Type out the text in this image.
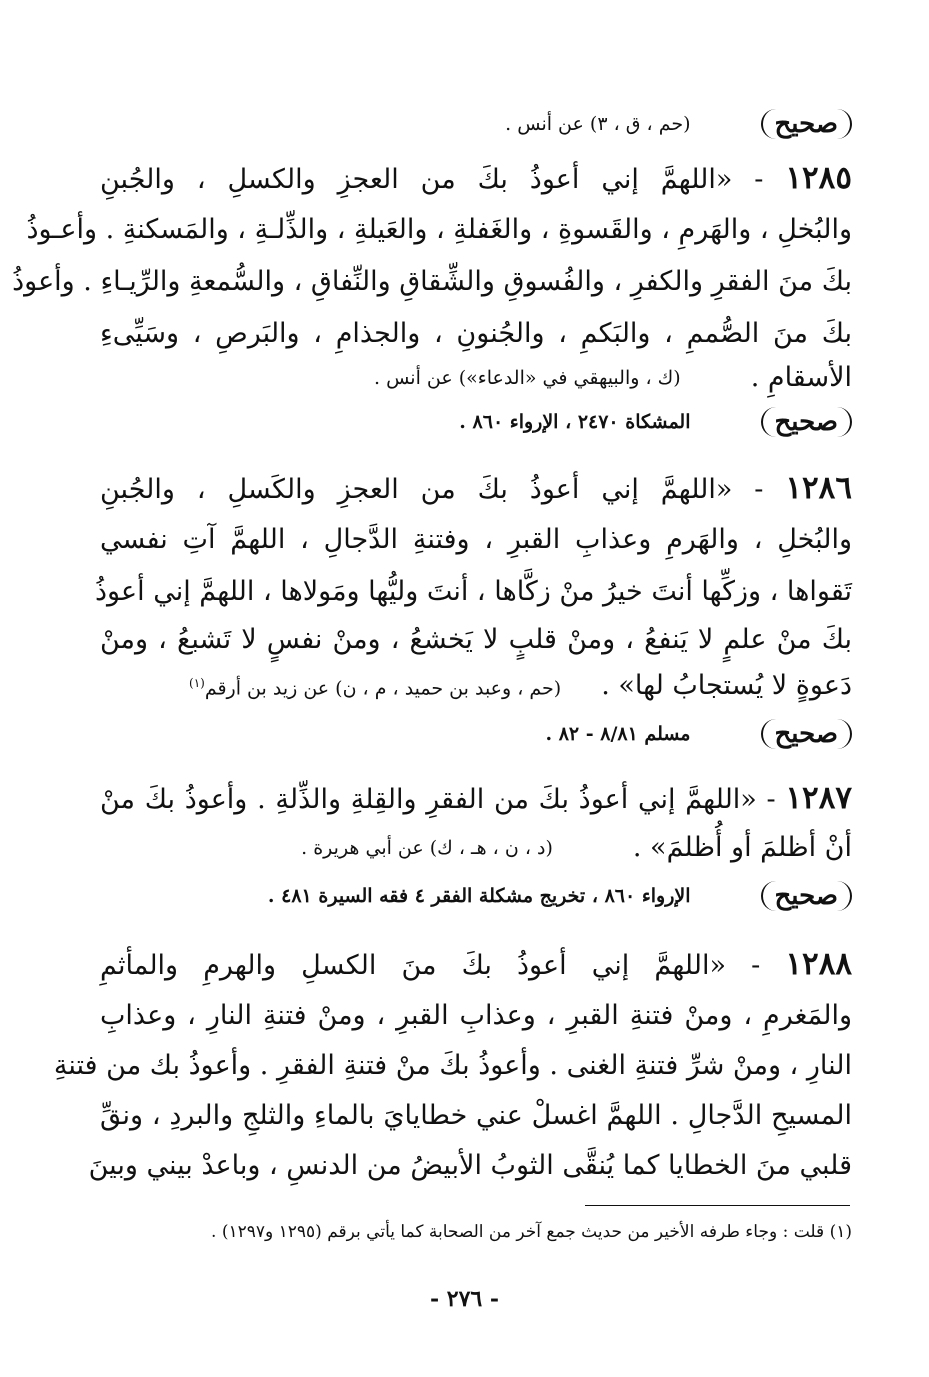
صحيح
(حم ، ق ، ٣) عن أنس .
١٢٨٥ - «اللهمَّ إني أعوذُ بكَ من العجزِ والكسلِ ، والجُبنِ
والبُخلِ ، والهَرمِ ، والقَسوةِ ، والغَفلةِ ، والعَيلةِ ، والذِّلـةِ ، والمَسكنةِ . وأعـوذُ
بكَ منَ الفقرِ والكفرِ ، والفُسوقِ والشِّقاقِ والنِّفاقِ ، والسُّمعةِ والرِّيـاءِ . وأعوذُ
بكَ منَ الصُّممِ ، والبَكمِ ، والجُنونِ ، والجذامِ ، والبَرصِ ، وسَيِّىءِ
الأسقامِ .
(ك ، والبيهقي في «الدعاء») عن أنس .
صحيح
المشكاة ٢٤٧٠ ، الإرواء ٨٦٠ .
١٢٨٦ - «اللهمَّ إني أعوذُ بكَ من العجزِ والكَسلِ ، والجُبنِ
والبُخلِ ، والهَرمِ وعذابِ القبرِ ، وفتنةِ الدَّجالِ ، اللهمَّ آتِ نفسي
تَقواها ، وزكِّها أنتَ خيرُ منْ زكَّاها ، أنتَ وليُّها ومَولاها ، اللهمَّ إني أعوذُ
بكَ منْ علمٍ لا يَنفعُ ، ومنْ قلبٍ لا يَخشعُ ، ومنْ نفسٍ لا تَشبعُ ، ومنْ
دَعوةٍ لا يُستجابُ لها» .
(حم ، وعبد بن حميد ، م ، ن) عن زيد بن أرقم$^{(١)}$
صحيح
مسلم ٨/٨١ - ٨٢ .
١٢٨٧ - «اللهمَّ إني أعوذُ بكَ من الفقرِ والقِلةِ والذِّلةِ . وأعوذُ بكَ منْ
أنْ أظلمَ أو أُظلمَ» .
(د ، ن ، هـ ، ك) عن أبي هريرة .
صحيح
الإرواء ٨٦٠ ، تخريج مشكلة الفقر ٤ فقه السيرة ٤٨١ .
١٢٨٨ - «اللهمَّ إني أعوذُ بكَ منَ الكسلِ والهرمِ والمأثمِ
والمَغرمِ ، ومنْ فتنةِ القبرِ ، وعذابِ القبرِ ، ومنْ فتنةِ النارِ ، وعذابِ
النارِ ، ومنْ شرِّ فتنةِ الغنى . وأعوذُ بكَ منْ فتنةِ الفقرِ . وأعوذُ بك من فتنةِ
المسيحِ الدَّجالِ . اللهمَّ اغسلْ عني خطايايَ بالماءِ والثلجِ والبردِ ، ونقِّ
قلبي منَ الخطايا كما يُنقَّى الثوبُ الأبيضُ من الدنسِ ، وباعدْ بيني وبينَ
(١) قلت : وجاء طرفه الأخير من حديث جمع آخر من الصحابة كما يأتي برقم (١٢٩٥ و١٢٩٧) .
- ٢٧٦ -
